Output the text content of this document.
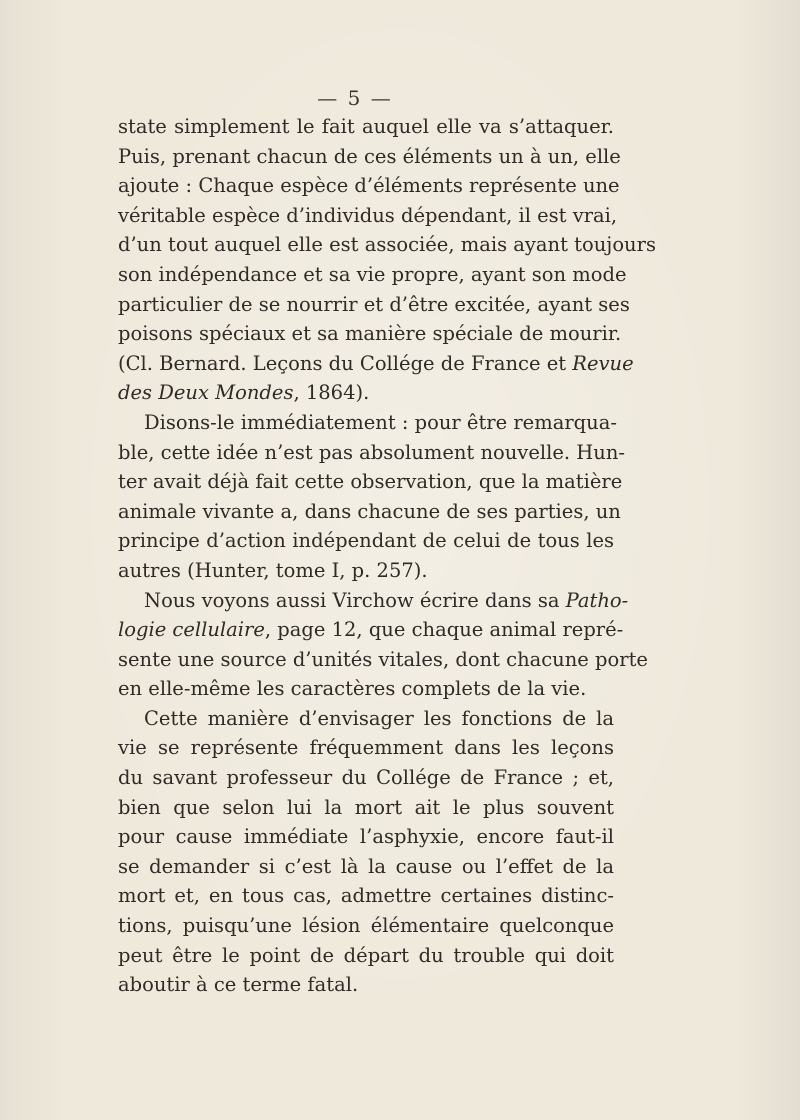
— 5 —
state simplement le fait auquel elle va s’attaquer.
Puis, prenant chacun de ces éléments un à un, elle
ajoute : Chaque espèce d’éléments représente une
véritable espèce d’individus dépendant, il est vrai,
d’un tout auquel elle est associée, mais ayant toujours
son indépendance et sa vie propre, ayant son mode
particulier de se nourrir et d’être excitée, ayant ses
poisons spéciaux et sa manière spéciale de mourir.
(Cl. Bernard. Leçons du Collége de France et Revue
des Deux Mondes, 1864).
Disons-le immédiatement : pour être remarqua-
ble, cette idée n’est pas absolument nouvelle. Hun-
ter avait déjà fait cette observation, que la matière
animale vivante a, dans chacune de ses parties, un
principe d’action indépendant de celui de tous les
autres (Hunter, tome I, p. 257).
Nous voyons aussi Virchow écrire dans sa Patho-
logie cellulaire, page 12, que chaque animal repré-
sente une source d’unités vitales, dont chacune porte
en elle-même les caractères complets de la vie.
Cette manière d’envisager les fonctions de la
vie se représente fréquemment dans les leçons
du savant professeur du Collége de France ; et,
bien que selon lui la mort ait le plus souvent
pour cause immédiate l’asphyxie, encore faut-il
se demander si c’est là la cause ou l’effet de la
mort et, en tous cas, admettre certaines distinc-
tions, puisqu’une lésion élémentaire quelconque
peut être le point de départ du trouble qui doit
aboutir à ce terme fatal.
